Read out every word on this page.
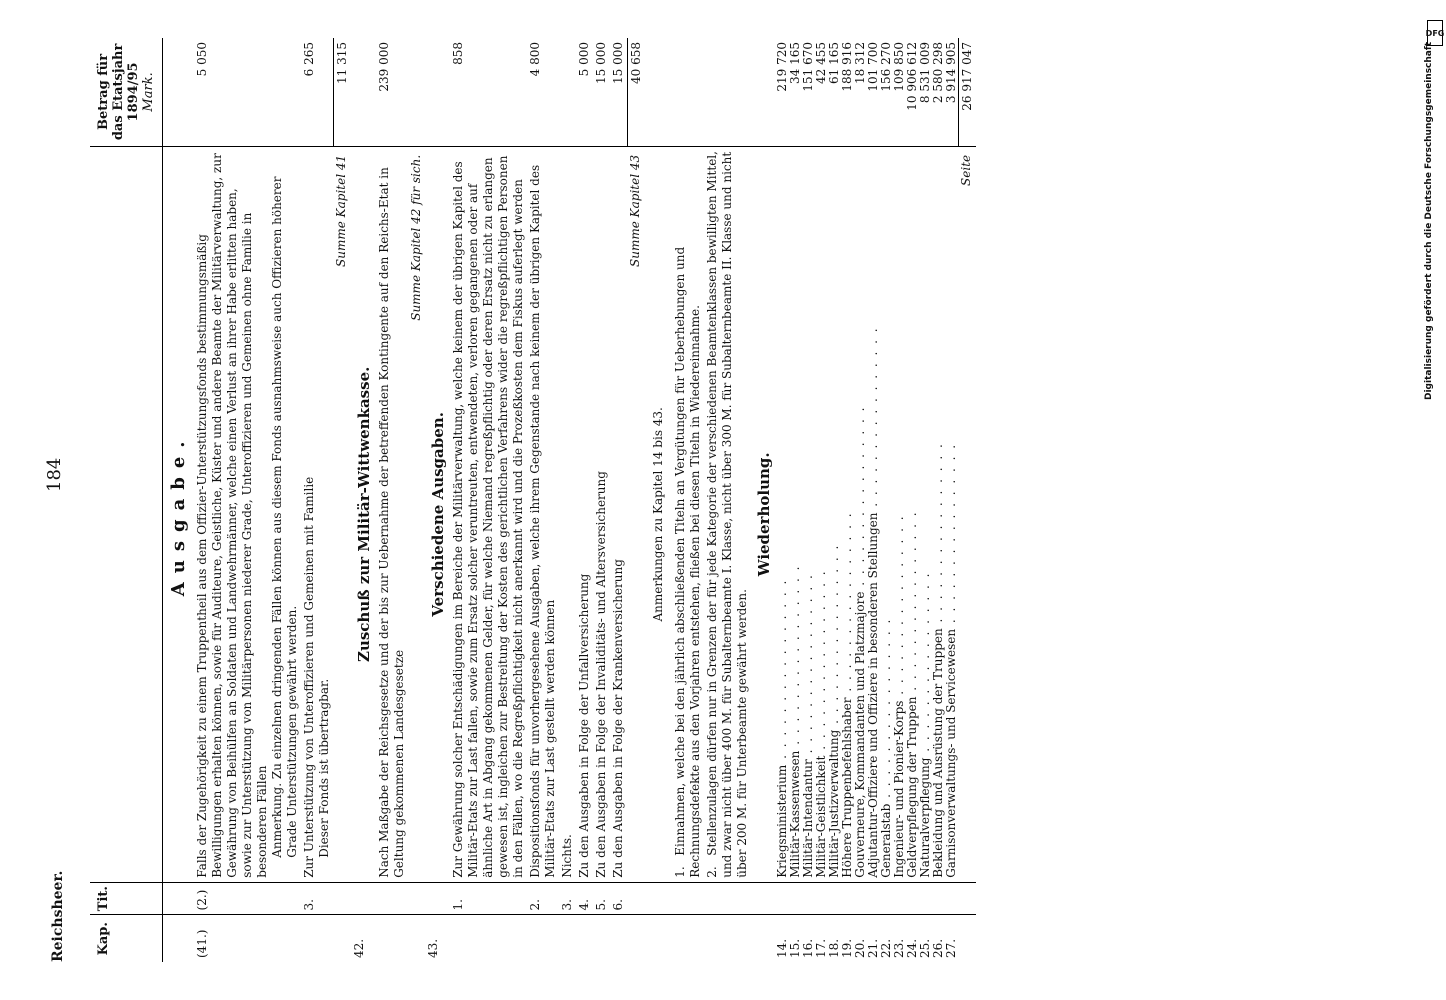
Reichsheer.
184
Kap.	Tit.		Betrag für das Etatsjahr 1894/95 Mark.

		Ausgabe.	
(41.)	(2.)	Falls der Zugehörigkeit zu einem Truppentheil aus dem Offizier-Unterstützungsfonds bestimmungsmäßig Bewilligungen erhalten können, sowie für Auditeure, Geistliche, Küster und andere Beamte der Militärverwaltung, zur Gewährung von Beihülfen an Soldaten und Landwehrmänner, welche einen Verlust an ihrer Habe erlitten haben, sowie zur Unterstützung von Militärpersonen niederer Grade, Unteroffizieren und Gemeinen ohne Familie in besonderen Fällen Anmerkung. Zu einzelnen dringenden Fällen können aus diesem Fonds ausnahmsweise auch Offizieren höherer Grade Unterstützungen gewährt werden.	5 050
	3.	Zur Unterstützung von Unteroffizieren und Gemeinen mit Familie Dieser Fonds ist übertragbar.	6 265
		Summe Kapitel 41	11 315
42.		Zuschuß zur Militär-Wittwenkasse.	
		Nach Maßgabe der Reichsgesetze und der bis zur Uebernahme der betreffenden Kontingente auf den Reichs-Etat in Geltung gekommenen Landesgesetze	239 000
		Summe Kapitel 42 für sich.	
43.		Verschiedene Ausgaben.	
	1.	Zur Gewährung solcher Entschädigungen im Bereiche der Militärverwaltung, welche keinem der übrigen Kapitel des Militär-Etats zur Last fallen, sowie zum Ersatz solcher veruntreuten, entwendeten, verloren gegangenen oder auf ähnliche Art in Abgang gekommenen Gelder, für welche Niemand regreßpflichtig oder deren Ersatz nicht zu erlangen gewesen ist, ingleichen zur Bestreitung der Kosten des gerichtlichen Verfahrens wider die regreßpflichtigen Personen in den Fällen, wo die Regreßpflichtigkeit nicht anerkannt wird und die Prozeßkosten dem Fiskus auferlegt werden	858
	2.	Dispositionsfonds für unvorhergesehene Ausgaben, welche ihrem Gegenstande nach keinem der übrigen Kapitel des Militär-Etats zur Last gestellt werden können	4 800
	3.	Nichts.	
	4.	Zu den Ausgaben in Folge der Unfallversicherung	5 000
	5.	Zu den Ausgaben in Folge der Invaliditäts- und Altersversicherung	15 000
	6.	Zu den Ausgaben in Folge der Krankenversicherung	15 000
		Summe Kapitel 43	40 658
		Anmerkungen zu Kapitel 14 bis 43.	
		1.Einnahmen, welche bei den jährlich abschließenden Titeln an Vergütungen für Ueberhebungen und Rechnungsdefekte aus den Vorjahren entstehen, fließen bei diesen Titeln in Wiedereinnahme.	
		2.Stellenzulagen dürfen nur in Grenzen der für jede Kategorie der verschiedenen Beamtenklassen bewilligten Mittel, und zwar nicht über 400 M. für Subalternbeamte I. Klasse, nicht über 300 M. für Subalternbeamte II. Klasse und nicht über 200 M. für Unterbeamte gewährt werden.	
		Wiederholung.	
14.		Kriegsministerium . . . . . . . . . . . . . . . .	219 720
15.		Militär-Kassenwesen . . . . . . . . . . . . . . . .	34 165
16.		Militär-Intendantur . . . . . . . . . . . . . . . .	151 670
17.		Militär-Geistlichkeit . . . . . . . . . . . . . . . .	42 455
18.		Militär-Justizverwaltung . . . . . . . . . . . . . . . .	61 165
19.		Höhere Truppenbefehlshaber . . . . . . . . . . . . . . . .	188 916
20.		Gouverneure, Kommandanten und Platzmajore . . . . . . . . . . . . . . . .	18 312
21.		Adjutantur-Offiziere und Offiziere in besonderen Stellungen . . . . . . . . . . . . . . . .	101 700
22.		Generalstab . . . . . . . . . . . . . . . .	156 270
23.		Ingenieur- und Pionier-Korps . . . . . . . . . . . . . . . .	109 850
24.		Geldverpflegung der Truppen . . . . . . . . . . . . . . . .	10 906 612
25.		Naturalverpflegung . . . . . . . . . . . . . . . .	8 531 009
26.		Bekleidung und Ausrüstung der Truppen . . . . . . . . . . . . . . . .	2 580 298
27.		Garnisonverwaltungs- und Servicewesen . . . . . . . . . . . . . . . .	3 914 905
		Seite	26 917 047
DFG
Digitalisierung gefördert durch die Deutsche Forschungsgemeinschaft
